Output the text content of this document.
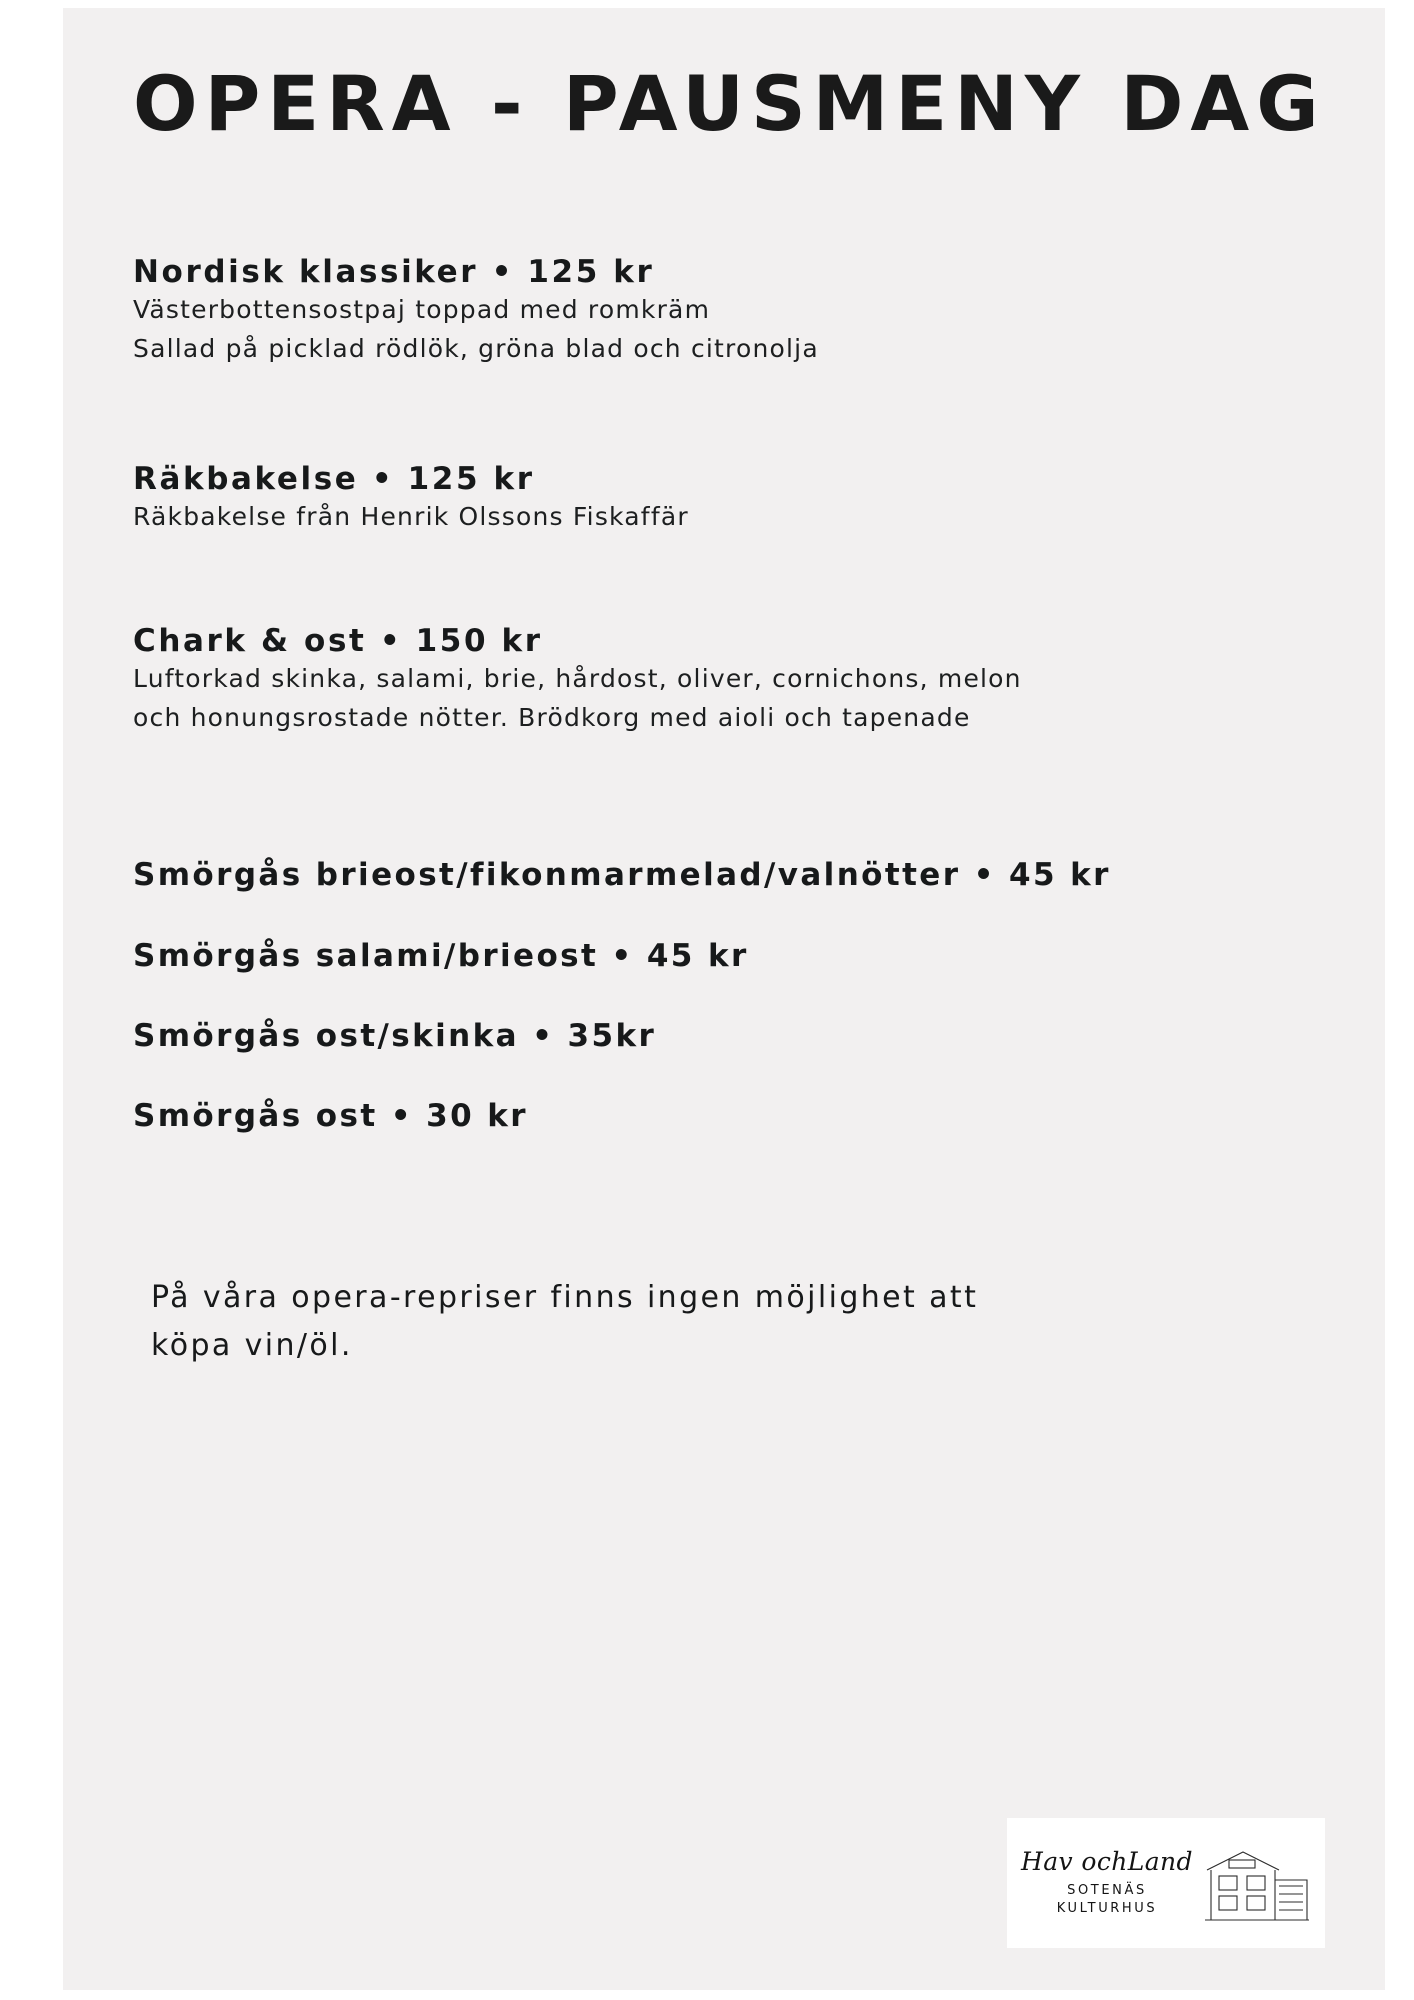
OPERA - PAUSMENY DAG

Nordisk klassiker • 125 kr

Västerbottensostpaj toppad med romkräm

Sallad på picklad rödlök, gröna blad och citronolja

Räkbakelse • 125 kr

Räkbakelse från Henrik Olssons Fiskaffär

Chark & ost • 150 kr

Luftorkad skinka, salami, brie, hårdost, oliver, cornichons, melon

och honungsrostade nötter. Brödkorg med aioli och tapenade

Smörgås brieost/fikonmarmelad/valnötter • 45 kr

Smörgås salami/brieost • 45 kr

Smörgås ost/skinka • 35kr

Smörgås ost • 30 kr

På våra opera-repriser finns ingen möjlighet att
köpa vin/öl.
Hav ochLand
SOTENÄS
KULTURHUS
